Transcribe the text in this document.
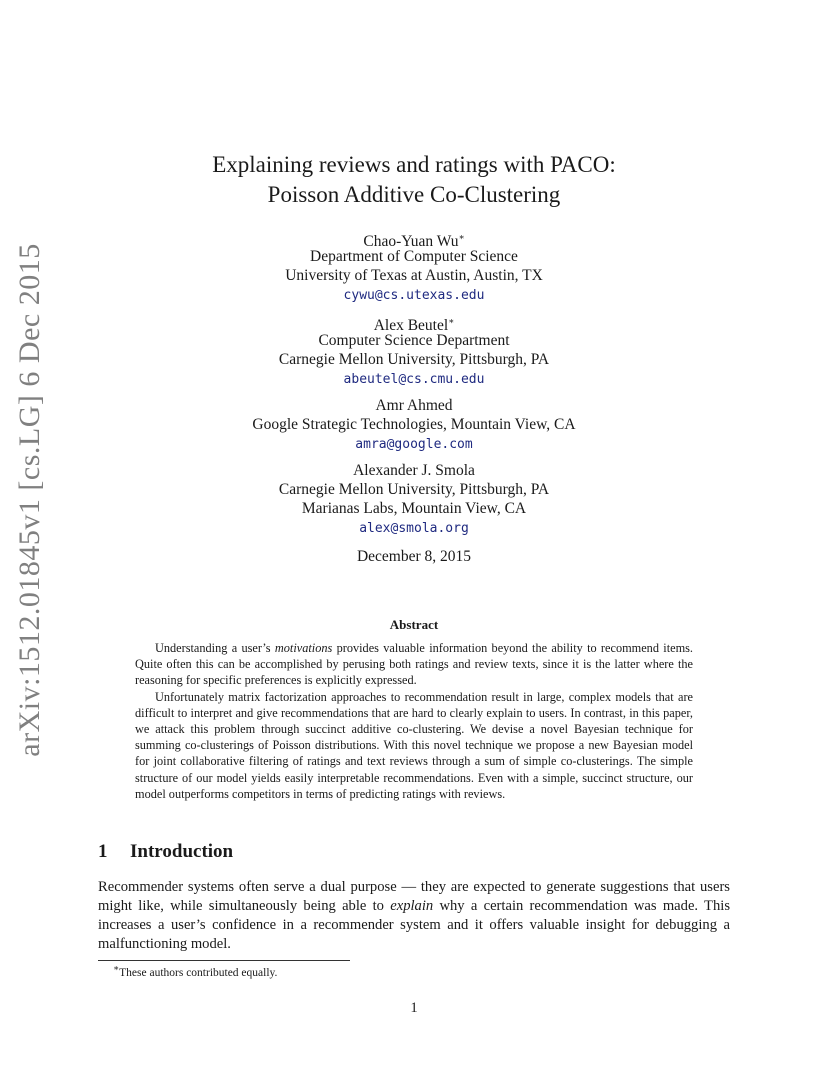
arXiv:1512.01845v1 [cs.LG] 6 Dec 2015
Explaining reviews and ratings with PACO:
Poisson Additive Co-Clustering
Chao-Yuan Wu∗
Department of Computer Science
University of Texas at Austin, Austin, TX
cywu@cs.utexas.edu
Alex Beutel∗
Computer Science Department
Carnegie Mellon University, Pittsburgh, PA
abeutel@cs.cmu.edu
Amr Ahmed
Google Strategic Technologies, Mountain View, CA
amra@google.com
Alexander J. Smola
Carnegie Mellon University, Pittsburgh, PA
Marianas Labs, Mountain View, CA
alex@smola.org
December 8, 2015
Abstract

Understanding a user’s motivations provides valuable information beyond the ability to recommend items. Quite often this can be accomplished by perusing both ratings and review texts, since it is the latter where the reasoning for specific preferences is explicitly expressed.

Unfortunately matrix factorization approaches to recommendation result in large, complex models that are difficult to interpret and give recommendations that are hard to clearly explain to users. In contrast, in this paper, we attack this problem through succinct additive co-clustering. We devise a novel Bayesian technique for summing co-clusterings of Poisson distributions. With this novel technique we propose a new Bayesian model for joint collaborative filtering of ratings and text reviews through a sum of simple co-clusterings. The simple structure of our model yields easily interpretable recommendations. Even with a simple, succinct structure, our model outperforms competitors in terms of predicting ratings with reviews.

1 Introduction

Recommender systems often serve a dual purpose — they are expected to generate suggestions that users might like, while simultaneously being able to explain why a certain recommendation was made. This increases a user’s confidence in a recommender system and it offers valuable insight for debugging a malfunctioning model.

∗These authors contributed equally.
1
